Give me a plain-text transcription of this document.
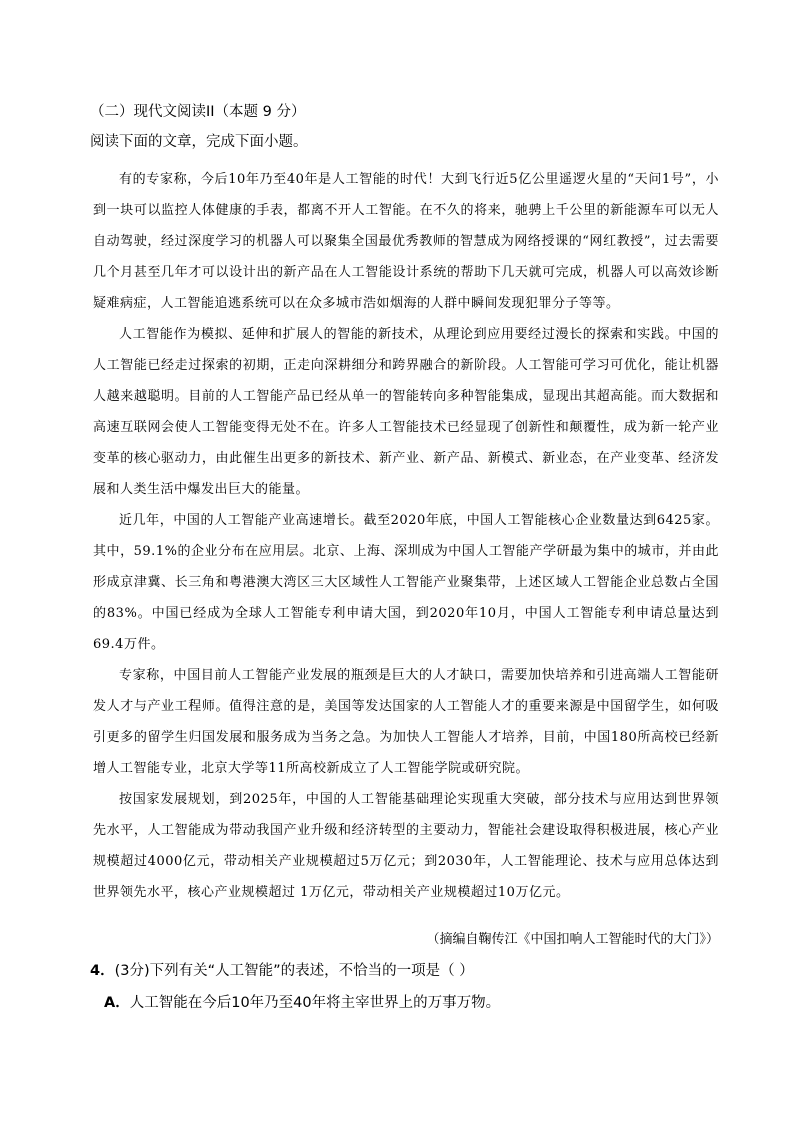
（二）现代文阅读II（本题 9 分）
阅读下面的文章，完成下面小题。

有的专家称，今后10年乃至40年是人工智能的时代！大到飞行近5亿公里遥逻火星的“天问1号”，小到一块可以监控人体健康的手表，都离不开人工智能。在不久的将来，驰骋上千公里的新能源车可以无人自动驾驶，经过深度学习的机器人可以聚集全国最优秀教师的智慧成为网络授课的“网红教授”，过去需要几个月甚至几年才可以设计出的新产品在人工智能设计系统的帮助下几天就可完成，机器人可以高效诊断疑难病症，人工智能追逃系统可以在众多城市浩如烟海的人群中瞬间发现犯罪分子等等。

人工智能作为模拟、延伸和扩展人的智能的新技术，从理论到应用要经过漫长的探索和实践。中国的人工智能已经走过探索的初期，正走向深耕细分和跨界融合的新阶段。人工智能可学习可优化，能让机器人越来越聪明。目前的人工智能产品已经从单一的智能转向多种智能集成，显现出其超高能。而大数据和高速互联网会使人工智能变得无处不在。许多人工智能技术已经显现了创新性和颠覆性，成为新一轮产业变革的核心驱动力，由此催生出更多的新技术、新产业、新产品、新模式、新业态，在产业变革、经济发展和人类生活中爆发出巨大的能量。

近几年，中国的人工智能产业高速增长。截至2020年底，中国人工智能核心企业数量达到6425家。其中，59.1%的企业分布在应用层。北京、上海、深圳成为中国人工智能产学研最为集中的城市，并由此形成京津冀、长三角和粤港澳大湾区三大区域性人工智能产业聚集带，上述区域人工智能企业总数占全国的83%。中国已经成为全球人工智能专利申请大国，到2020年10月，中国人工智能专利申请总量达到69.4万件。

专家称，中国目前人工智能产业发展的瓶颈是巨大的人才缺口，需要加快培养和引进高端人工智能研发人才与产业工程师。值得注意的是，美国等发达国家的人工智能人才的重要来源是中国留学生，如何吸引更多的留学生归国发展和服务成为当务之急。为加快人工智能人才培养，目前，中国180所高校已经新增人工智能专业，北京大学等11所高校新成立了人工智能学院或研究院。

按国家发展规划，到2025年，中国的人工智能基础理论实现重大突破，部分技术与应用达到世界领先水平，人工智能成为带动我国产业升级和经济转型的主要动力，智能社会建设取得积极进展，核心产业规模超过4000亿元，带动相关产业规模超过5万亿元；到2030年，人工智能理论、技术与应用总体达到世界领先水平，核心产业规模超过 1万亿元，带动相关产业规模超过10万亿元。

（摘编自鞠传江《中国扣响人工智能时代的大门》）
4．(3分)下列有关“人工智能”的表述，不恰当的一项是（ ）
A．人工智能在今后10年乃至40年将主宰世界上的万事万物。
